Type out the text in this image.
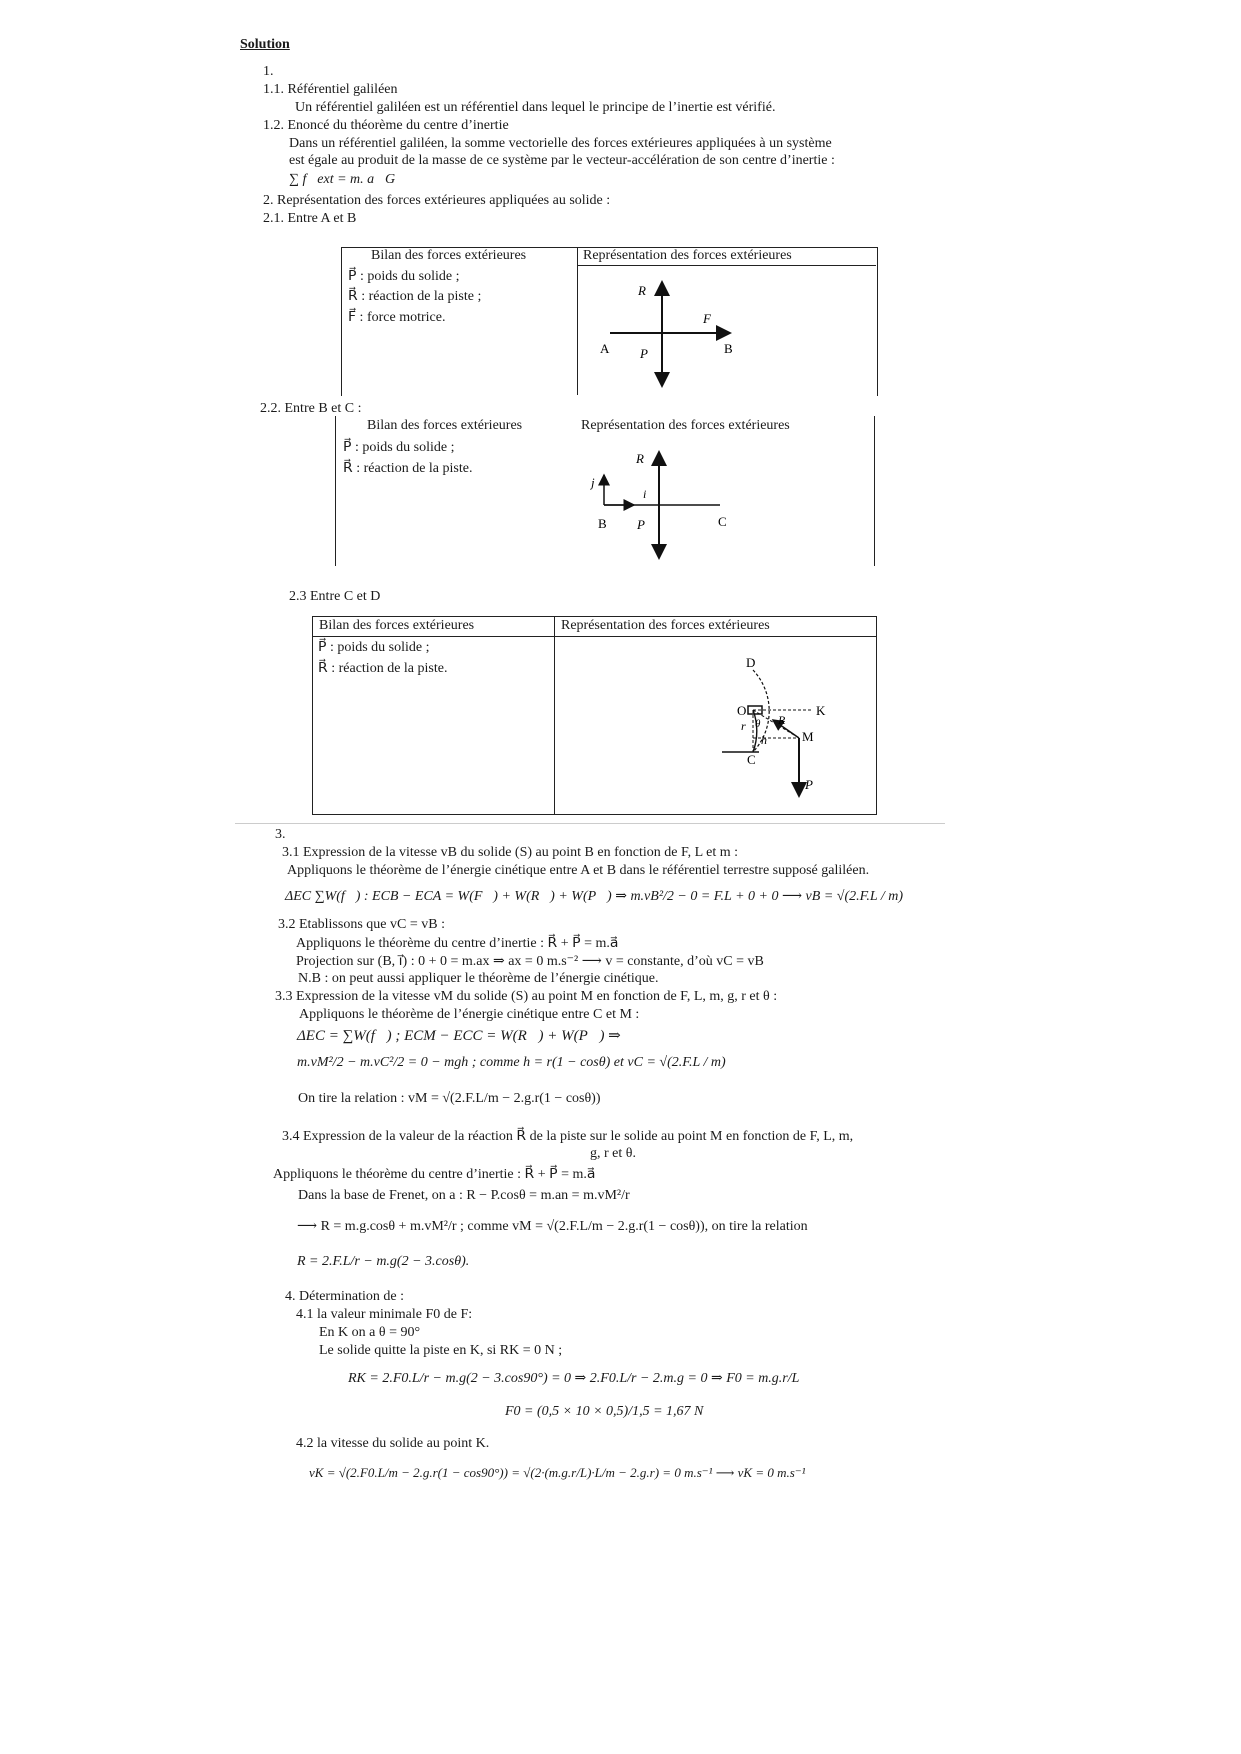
Solution
1.
1.1. Référentiel galiléen
Un référentiel galiléen est un référentiel dans lequel le principe de l’inertie est vérifié.
1.2. Enoncé du théorème du centre d’inertie
Dans un référentiel galiléen, la somme vectorielle des forces extérieures appliquées à un système
est égale au produit de la masse de ce système par le vecteur-accélération de son centre d’inertie :
∑ f⃗ext = m. a⃗G
2. Représentation des forces extérieures appliquées au solide :
2.1. Entre A et B
Bilan des forces extérieures	Représentation des forces extérieures
P⃗ : poids du solide ;
R⃗ : réaction de la piste ;
F⃗ : force motrice.
R⃗
F⃗
P⃗
A	B
2.2. Entre B et C :
Bilan des forces extérieures	Représentation des forces extérieures
P⃗ : poids du solide ;
R⃗ : réaction de la piste.
R⃗
j⃗
i⃗
P⃗
B	C
2.3 Entre C et D
Bilan des forces extérieures	Représentation des forces extérieures
P⃗ : poids du solide ;
R⃗ : réaction de la piste.	D
O	K
M
C
r θ
h
R⃗
P⃗
3.
3.1 Expression de la vitesse vB du solide (S) au point B en fonction de F, L et m :
Appliquons le théorème de l’énergie cinétique entre A et B dans le référentiel terrestre supposé galiléen.
ΔEC ∑W(f⃗) : ECB − ECA = W(F⃗) + W(R⃗) + W(P⃗) ⇒ m.vB²/2 − 0 = F.L + 0 + 0 ⟶ vB = √(2.F.L / m)
3.2 Etablissons que vC = vB :
Appliquons le théorème du centre d’inertie : R⃗ + P⃗ = m.a⃗
Projection sur (B, i⃗) : 0 + 0 = m.ax ⇒ ax = 0 m.s⁻² ⟶ v = constante, d’où vC = vB
N.B : on peut aussi appliquer le théorème de l’énergie cinétique.
3.3 Expression de la vitesse vM du solide (S) au point M en fonction de F, L, m, g, r et θ :
Appliquons le théorème de l’énergie cinétique entre C et M :
ΔEC = ∑W(f⃗) ; ECM − ECC = W(R⃗) + W(P⃗) ⇒
m.vM²/2 − m.vC²/2 = 0 − mgh ; comme h = r(1 − cosθ) et vC = √(2.F.L / m)
On tire la relation : vM = √(2.F.L/m − 2.g.r(1 − cosθ))
3.4 Expression de la valeur de la réaction R⃗ de la piste sur le solide au point M en fonction de F, L, m,
g, r et θ.
Appliquons le théorème du centre d’inertie : R⃗ + P⃗ = m.a⃗
Dans la base de Frenet, on a : R − P.cosθ = m.an = m.vM²/r
⟶ R = m.g.cosθ + m.vM²/r ; comme vM = √(2.F.L/m − 2.g.r(1 − cosθ)), on tire la relation
R = 2.F.L/r − m.g(2 − 3.cosθ).
4. Détermination de :
4.1 la valeur minimale F0 de F:
En K on a θ = 90°
Le solide quitte la piste en K, si RK = 0 N ;
RK = 2.F0.L/r − m.g(2 − 3.cos90°) = 0 ⇒ 2.F0.L/r − 2.m.g = 0 ⇒ F0 = m.g.r/L
F0 = (0,5 × 10 × 0,5)/1,5 = 1,67 N
4.2 la vitesse du solide au point K.
vK = √(2.F0.L/m − 2.g.r(1 − cos90°)) = √(2·(m.g.r/L)·L/m − 2.g.r) = 0 m.s⁻¹ ⟶ vK = 0 m.s⁻¹
